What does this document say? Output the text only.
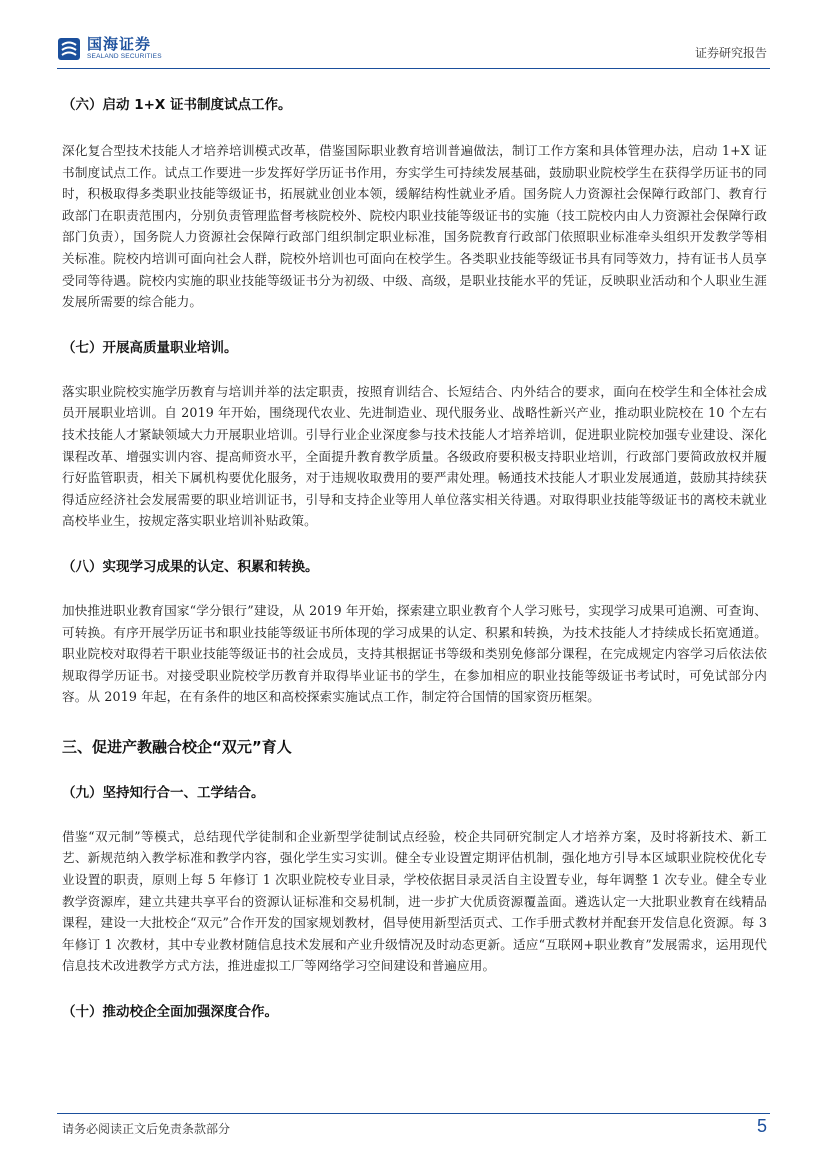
国海证券
SEALAND SECURITIES	证券研究报告
（六）启动 1+X 证书制度试点工作。

深化复合型技术技能人才培养培训模式改革，借鉴国际职业教育培训普遍做法，制订工作方案和具体管理办法，启动 1+X 证书制度试点工作。试点工作要进一步发挥好学历证书作用，夯实学生可持续发展基础，鼓励职业院校学生在获得学历证书的同时，积极取得多类职业技能等级证书，拓展就业创业本领，缓解结构性就业矛盾。国务院人力资源社会保障行政部门、教育行政部门在职责范围内，分别负责管理监督考核院校外、院校内职业技能等级证书的实施（技工院校内由人力资源社会保障行政部门负责），国务院人力资源社会保障行政部门组织制定职业标准，国务院教育行政部门依照职业标准牵头组织开发教学等相关标准。院校内培训可面向社会人群，院校外培训也可面向在校学生。各类职业技能等级证书具有同等效力，持有证书人员享受同等待遇。院校内实施的职业技能等级证书分为初级、中级、高级，是职业技能水平的凭证，反映职业活动和个人职业生涯发展所需要的综合能力。

（七）开展高质量职业培训。

落实职业院校实施学历教育与培训并举的法定职责，按照育训结合、长短结合、内外结合的要求，面向在校学生和全体社会成员开展职业培训。自 2019 年开始，围绕现代农业、先进制造业、现代服务业、战略性新兴产业，推动职业院校在 10 个左右技术技能人才紧缺领域大力开展职业培训。引导行业企业深度参与技术技能人才培养培训，促进职业院校加强专业建设、深化课程改革、增强实训内容、提高师资水平，全面提升教育教学质量。各级政府要积极支持职业培训，行政部门要简政放权并履行好监管职责，相关下属机构要优化服务，对于违规收取费用的要严肃处理。畅通技术技能人才职业发展通道，鼓励其持续获得适应经济社会发展需要的职业培训证书，引导和支持企业等用人单位落实相关待遇。对取得职业技能等级证书的离校未就业高校毕业生，按规定落实职业培训补贴政策。

（八）实现学习成果的认定、积累和转换。

加快推进职业教育国家“学分银行”建设，从 2019 年开始，探索建立职业教育个人学习账号，实现学习成果可追溯、可查询、可转换。有序开展学历证书和职业技能等级证书所体现的学习成果的认定、积累和转换，为技术技能人才持续成长拓宽通道。职业院校对取得若干职业技能等级证书的社会成员，支持其根据证书等级和类别免修部分课程，在完成规定内容学习后依法依规取得学历证书。对接受职业院校学历教育并取得毕业证书的学生，在参加相应的职业技能等级证书考试时，可免试部分内容。从 2019 年起，在有条件的地区和高校探索实施试点工作，制定符合国情的国家资历框架。

三、促进产教融合校企“双元”育人
（九）坚持知行合一、工学结合。

借鉴“双元制”等模式，总结现代学徒制和企业新型学徒制试点经验，校企共同研究制定人才培养方案，及时将新技术、新工艺、新规范纳入教学标准和教学内容，强化学生实习实训。健全专业设置定期评估机制，强化地方引导本区域职业院校优化专业设置的职责，原则上每 5 年修订 1 次职业院校专业目录，学校依据目录灵活自主设置专业，每年调整 1 次专业。健全专业教学资源库，建立共建共享平台的资源认证标准和交易机制，进一步扩大优质资源覆盖面。遴选认定一大批职业教育在线精品课程，建设一大批校企“双元”合作开发的国家规划教材，倡导使用新型活页式、工作手册式教材并配套开发信息化资源。每 3 年修订 1 次教材，其中专业教材随信息技术发展和产业升级情况及时动态更新。适应“互联网+职业教育”发展需求，运用现代信息技术改进教学方式方法，推进虚拟工厂等网络学习空间建设和普遍应用。

（十）推动校企全面加强深度合作。
请务必阅读正文后免责条款部分	5
